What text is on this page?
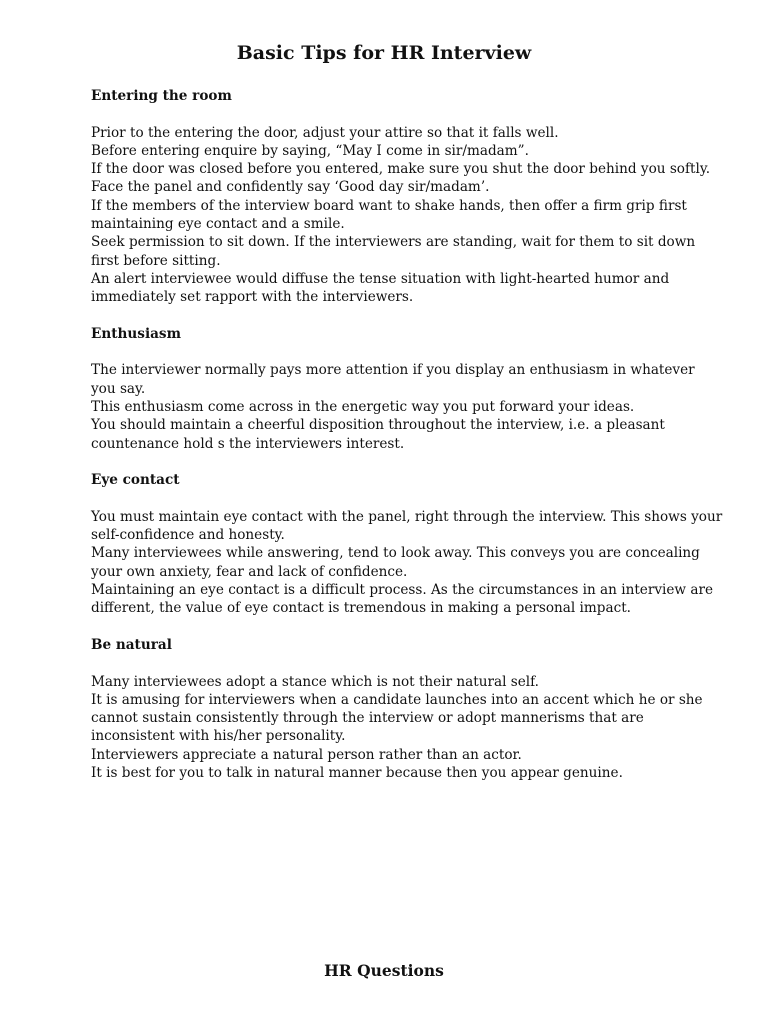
Basic Tips for HR Interview
Entering the room
Prior to the entering the door, adjust your attire so that it falls well.
Before entering enquire by saying, “May I come in sir/madam”.
If the door was closed before you entered, make sure you shut the door behind you softly.
Face the panel and confidently say ‘Good day sir/madam’.
If the members of the interview board want to shake hands, then offer a firm grip first
maintaining eye contact and a smile.
Seek permission to sit down. If the interviewers are standing, wait for them to sit down
first before sitting.
An alert interviewee would diffuse the tense situation with light-hearted humor and
immediately set rapport with the interviewers.
Enthusiasm
The interviewer normally pays more attention if you display an enthusiasm in whatever
you say.
This enthusiasm come across in the energetic way you put forward your ideas.
You should maintain a cheerful disposition throughout the interview, i.e. a pleasant
countenance hold s the interviewers interest.
Eye contact
You must maintain eye contact with the panel, right through the interview. This shows your
self-confidence and honesty.
Many interviewees while answering, tend to look away. This conveys you are concealing
your own anxiety, fear and lack of confidence.
Maintaining an eye contact is a difficult process. As the circumstances in an interview are
different, the value of eye contact is tremendous in making a personal impact.
Be natural
Many interviewees adopt a stance which is not their natural self.
It is amusing for interviewers when a candidate launches into an accent which he or she
cannot sustain consistently through the interview or adopt mannerisms that are
inconsistent with his/her personality.
Interviewers appreciate a natural person rather than an actor.
It is best for you to talk in natural manner because then you appear genuine.
HR Questions
